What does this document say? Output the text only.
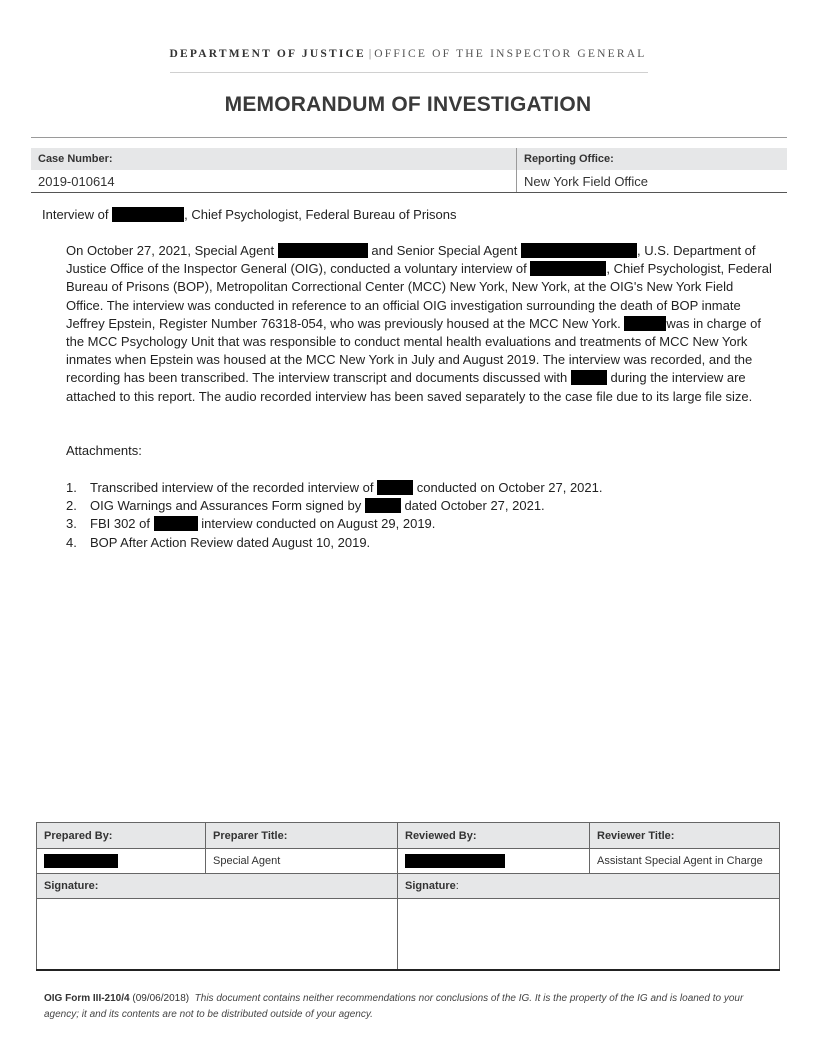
DEPARTMENT OF JUSTICE | OFFICE OF THE INSPECTOR GENERAL
MEMORANDUM OF INVESTIGATION
Case Number:	Reporting Office:
2019-010614	New York Field Office
Interview of	, Chief Psychologist, Federal Bureau of Prisons
On October 27, 2021, Special Agent	and Senior Special Agent	, U.S. Department of Justice Office of the Inspector General (OIG), conducted a voluntary interview of	, Chief Psychologist, Federal Bureau of Prisons (BOP), Metropolitan Correctional Center (MCC) New York, New York, at the OIG's New York Field Office. The interview was conducted in reference to an official OIG investigation surrounding the death of BOP inmate Jeffrey Epstein, Register Number 76318-054, who was previously housed at the MCC New York.	was in charge of the MCC Psychology Unit that was responsible to conduct mental health evaluations and treatments of MCC New York inmates when Epstein was housed at the MCC New York in July and August 2019. The interview was recorded, and the recording has been transcribed. The interview transcript and documents discussed with	during the interview are attached to this report. The audio recorded interview has been saved separately to the case file due to its large file size.
Attachments:
1. Transcribed interview of the recorded interview of	conducted on October 27, 2021.
2. OIG Warnings and Assurances Form signed by	dated October 27, 2021.
3. FBI 302 of	interview conducted on August 29, 2019.
4. BOP After Action Review dated August 10, 2019.
Prepared By:	Preparer Title:	Reviewed By:	Reviewer Title:
	Special Agent		Assistant Special Agent in Charge
Signature:		Signature:	

OIG Form III-210/4 (09/06/2018) This document contains neither recommendations nor conclusions of the IG. It is the property of the IG and is loaned to your agency; it and its contents are not to be distributed outside of your agency.
